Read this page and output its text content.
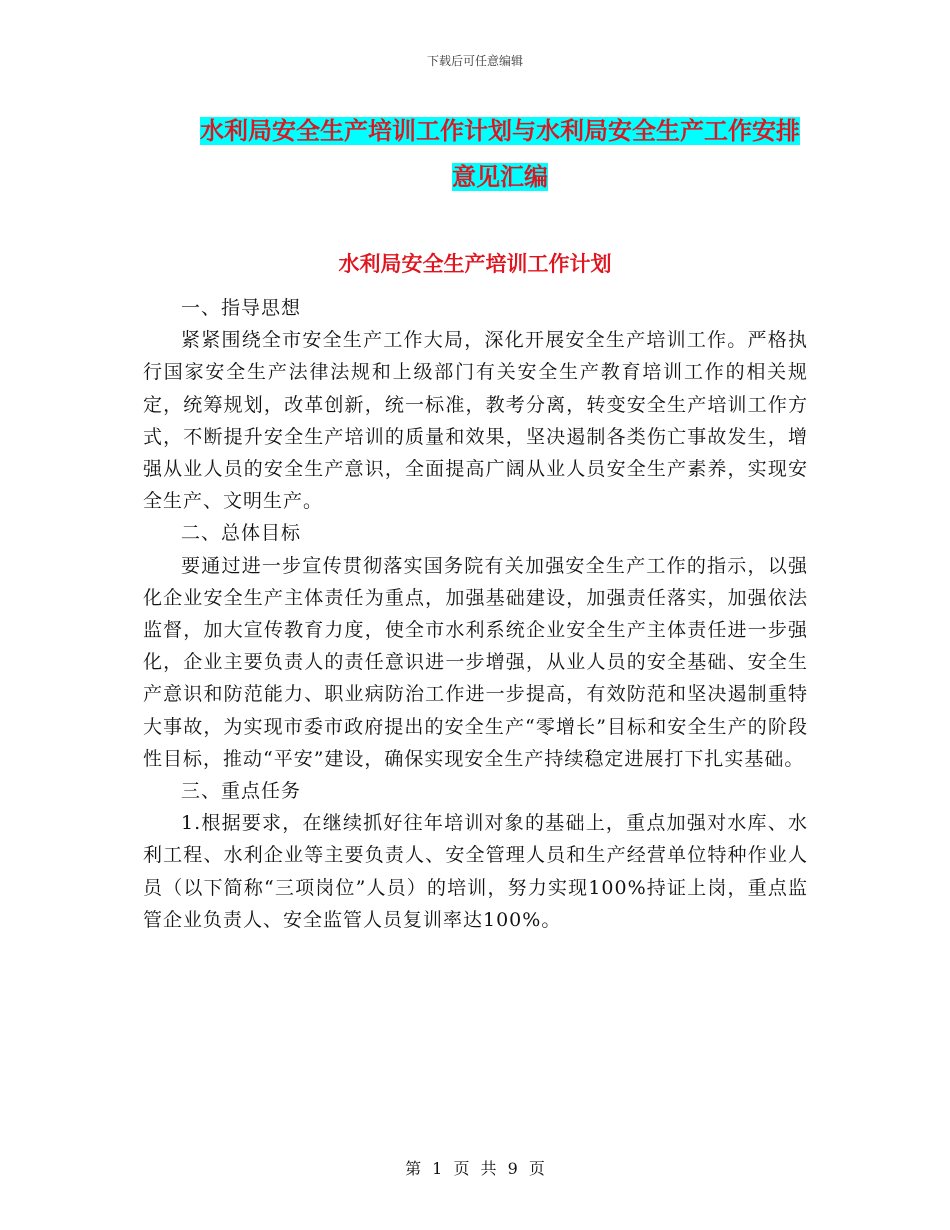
下载后可任意编辑
水利局安全生产培训工作计划与水利局安全生产工作安排意见汇编
水利局安全生产培训工作计划

一、指导思想

紧紧围绕全市安全生产工作大局，深化开展安全生产培训工作。严格执行国家安全生产法律法规和上级部门有关安全生产教育培训工作的相关规定，统筹规划，改革创新，统一标准，教考分离，转变安全生产培训工作方式，不断提升安全生产培训的质量和效果，坚决遏制各类伤亡事故发生，增强从业人员的安全生产意识，全面提高广阔从业人员安全生产素养，实现安全生产、文明生产。

二、总体目标

要通过进一步宣传贯彻落实国务院有关加强安全生产工作的指示，以强化企业安全生产主体责任为重点，加强基础建设，加强责任落实，加强依法监督，加大宣传教育力度，使全市水利系统企业安全生产主体责任进一步强化，企业主要负责人的责任意识进一步增强，从业人员的安全基础、安全生产意识和防范能力、职业病防治工作进一步提高，有效防范和坚决遏制重特大事故，为实现市委市政府提出的安全生产“零增长”目标和安全生产的阶段性目标，推动“平安”建设，确保实现安全生产持续稳定进展打下扎实基础。

三、重点任务

1.根据要求，在继续抓好往年培训对象的基础上，重点加强对水库、水利工程、水利企业等主要负责人、安全管理人员和生产经营单位特种作业人员（以下简称“三项岗位”人员）的培训，努力实现100%持证上岗，重点监管企业负责人、安全监管人员复训率达100%。

第 1 页 共 9 页
